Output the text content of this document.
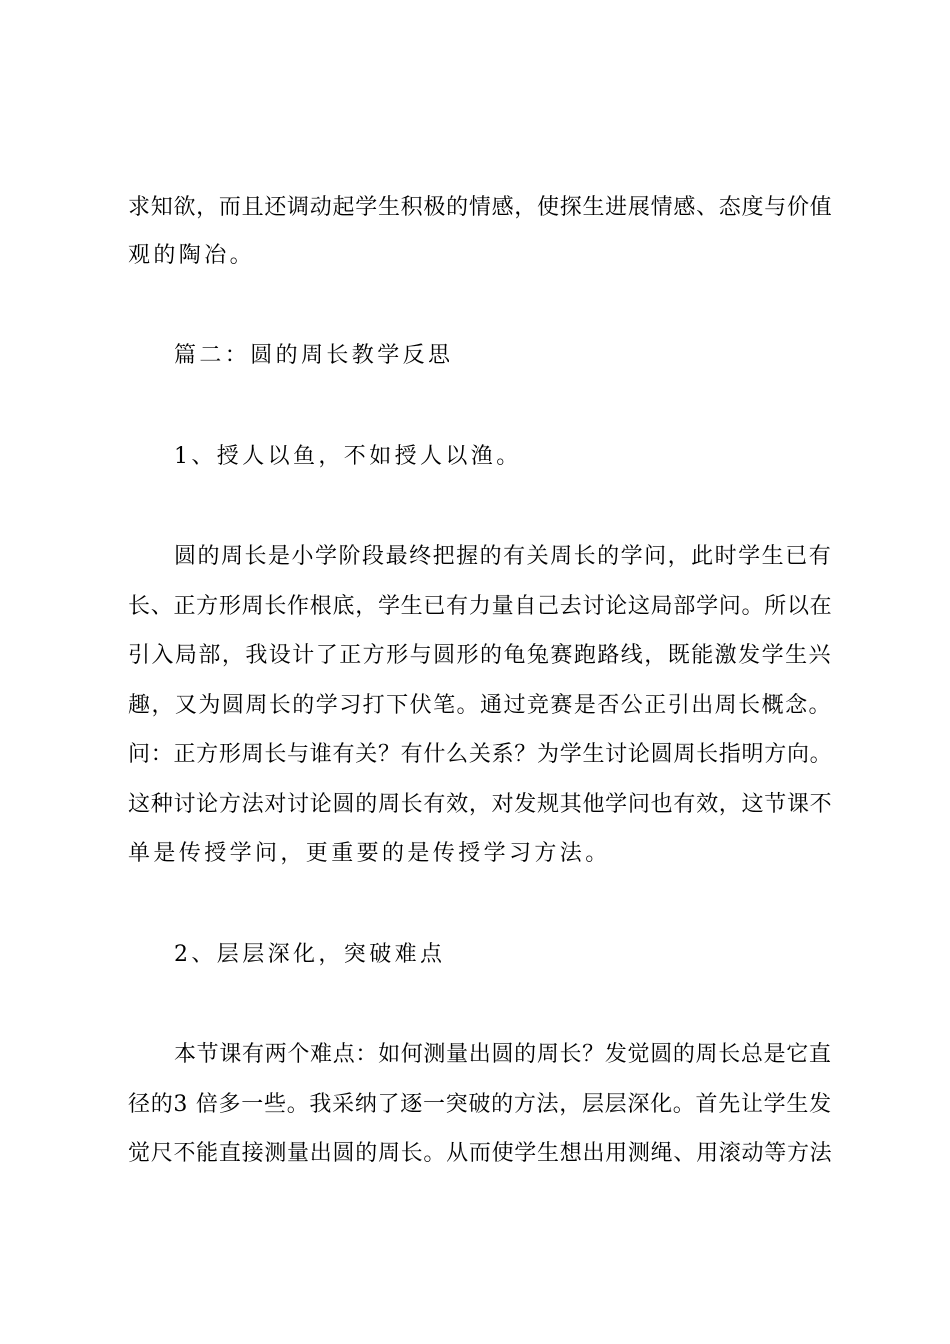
求知欲，而且还调动起学生积极的情感，使探生进展情感、态度与价值
观的陶冶。
篇二：圆的周长教学反思
1、授人以鱼，不如授人以渔。
圆的周长是小学阶段最终把握的有关周长的学问，此时学生已有
长、正方形周长作根底，学生已有力量自己去讨论这局部学问。所以在
引入局部，我设计了正方形与圆形的龟兔赛跑路线，既能激发学生兴
趣，又为圆周长的学习打下伏笔。通过竞赛是否公正引出周长概念。
问：正方形周长与谁有关？有什么关系？为学生讨论圆周长指明方向。
这种讨论方法对讨论圆的周长有效，对发规其他学问也有效，这节课不
单是传授学问，更重要的是传授学习方法。
2、层层深化，突破难点
本节课有两个难点：如何测量出圆的周长？发觉圆的周长总是它直
径的3 倍多一些。我采纳了逐一突破的方法，层层深化。首先让学生发
觉尺不能直接测量出圆的周长。从而使学生想出用测绳、用滚动等方法
